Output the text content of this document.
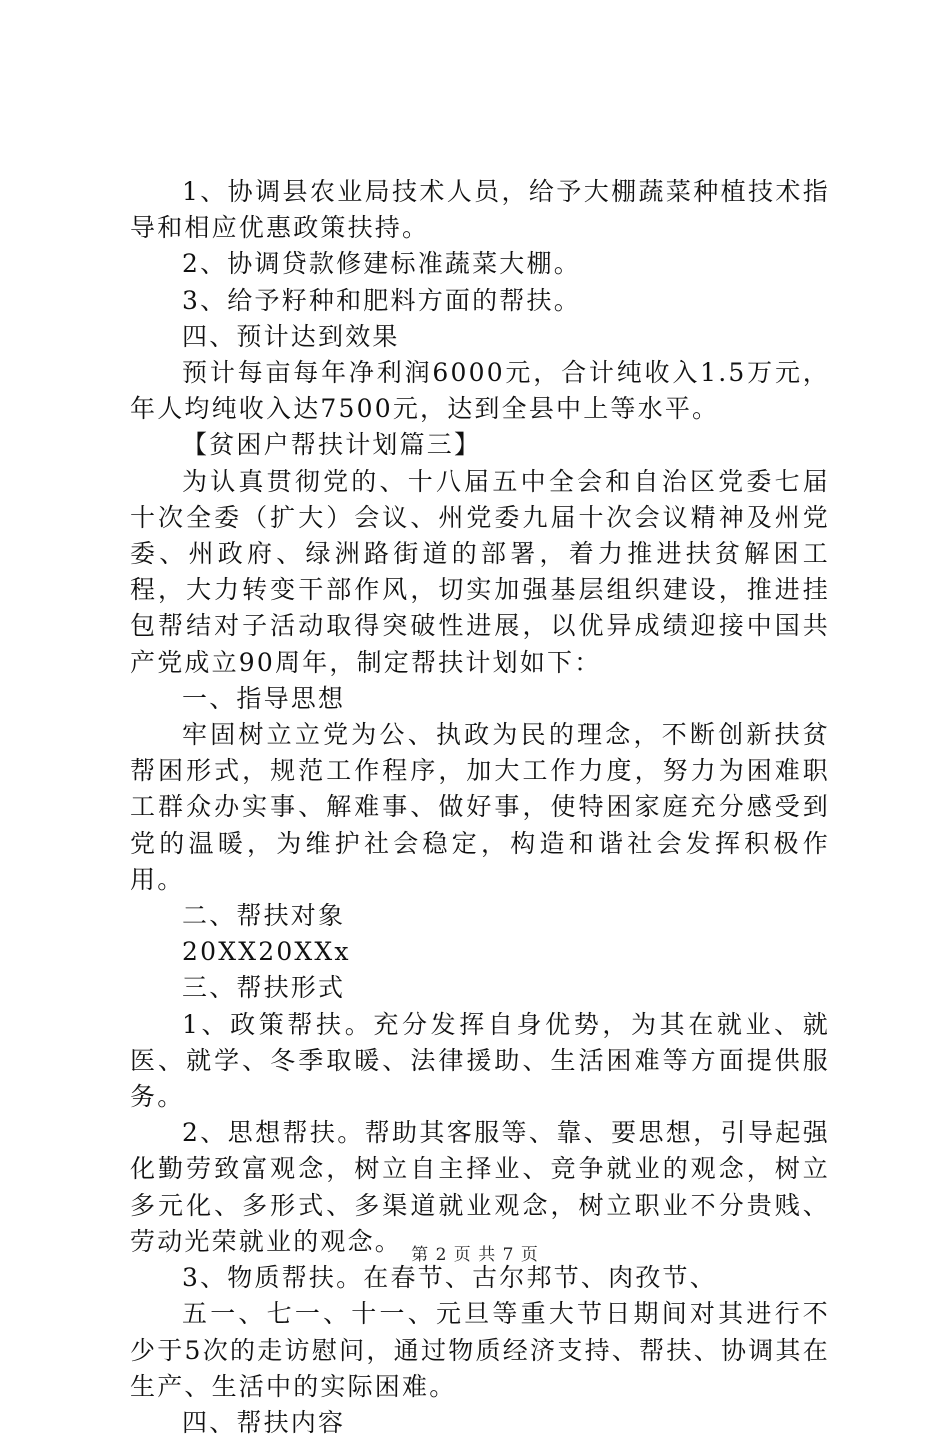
1、协调县农业局技术人员，给予大棚蔬菜种植技术指导和相应优惠政策扶持。

2、协调贷款修建标准蔬菜大棚。

3、给予籽种和肥料方面的帮扶。

四、预计达到效果

预计每亩每年净利润6000元，合计纯收入1.5万元，年人均纯收入达7500元，达到全县中上等水平。

【贫困户帮扶计划篇三】

为认真贯彻党的、十八届五中全会和自治区党委七届十次全委（扩大）会议、州党委九届十次会议精神及州党委、州政府、绿洲路街道的部署，着力推进扶贫解困工程，大力转变干部作风，切实加强基层组织建设，推进挂包帮结对子活动取得突破性进展，以优异成绩迎接中国共产党成立90周年，制定帮扶计划如下：

一、指导思想

牢固树立立党为公、执政为民的理念，不断创新扶贫帮困形式，规范工作程序，加大工作力度，努力为困难职工群众办实事、解难事、做好事，使特困家庭充分感受到党的温暖，为维护社会稳定，构造和谐社会发挥积极作用。

二、帮扶对象

20XX20XXx

三、帮扶形式

1、政策帮扶。充分发挥自身优势，为其在就业、就医、就学、冬季取暖、法律援助、生活困难等方面提供服务。

2、思想帮扶。帮助其客服等、靠、要思想，引导起强化勤劳致富观念，树立自主择业、竞争就业的观念，树立多元化、多形式、多渠道就业观念，树立职业不分贵贱、劳动光荣就业的观念。

3、物质帮扶。在春节、古尔邦节、肉孜节、

五一、七一、十一、元旦等重大节日期间对其进行不少于5次的走访慰问，通过物质经济支持、帮扶、协调其在生产、生活中的实际困难。

四、帮扶内容

第 2 页 共 7 页
